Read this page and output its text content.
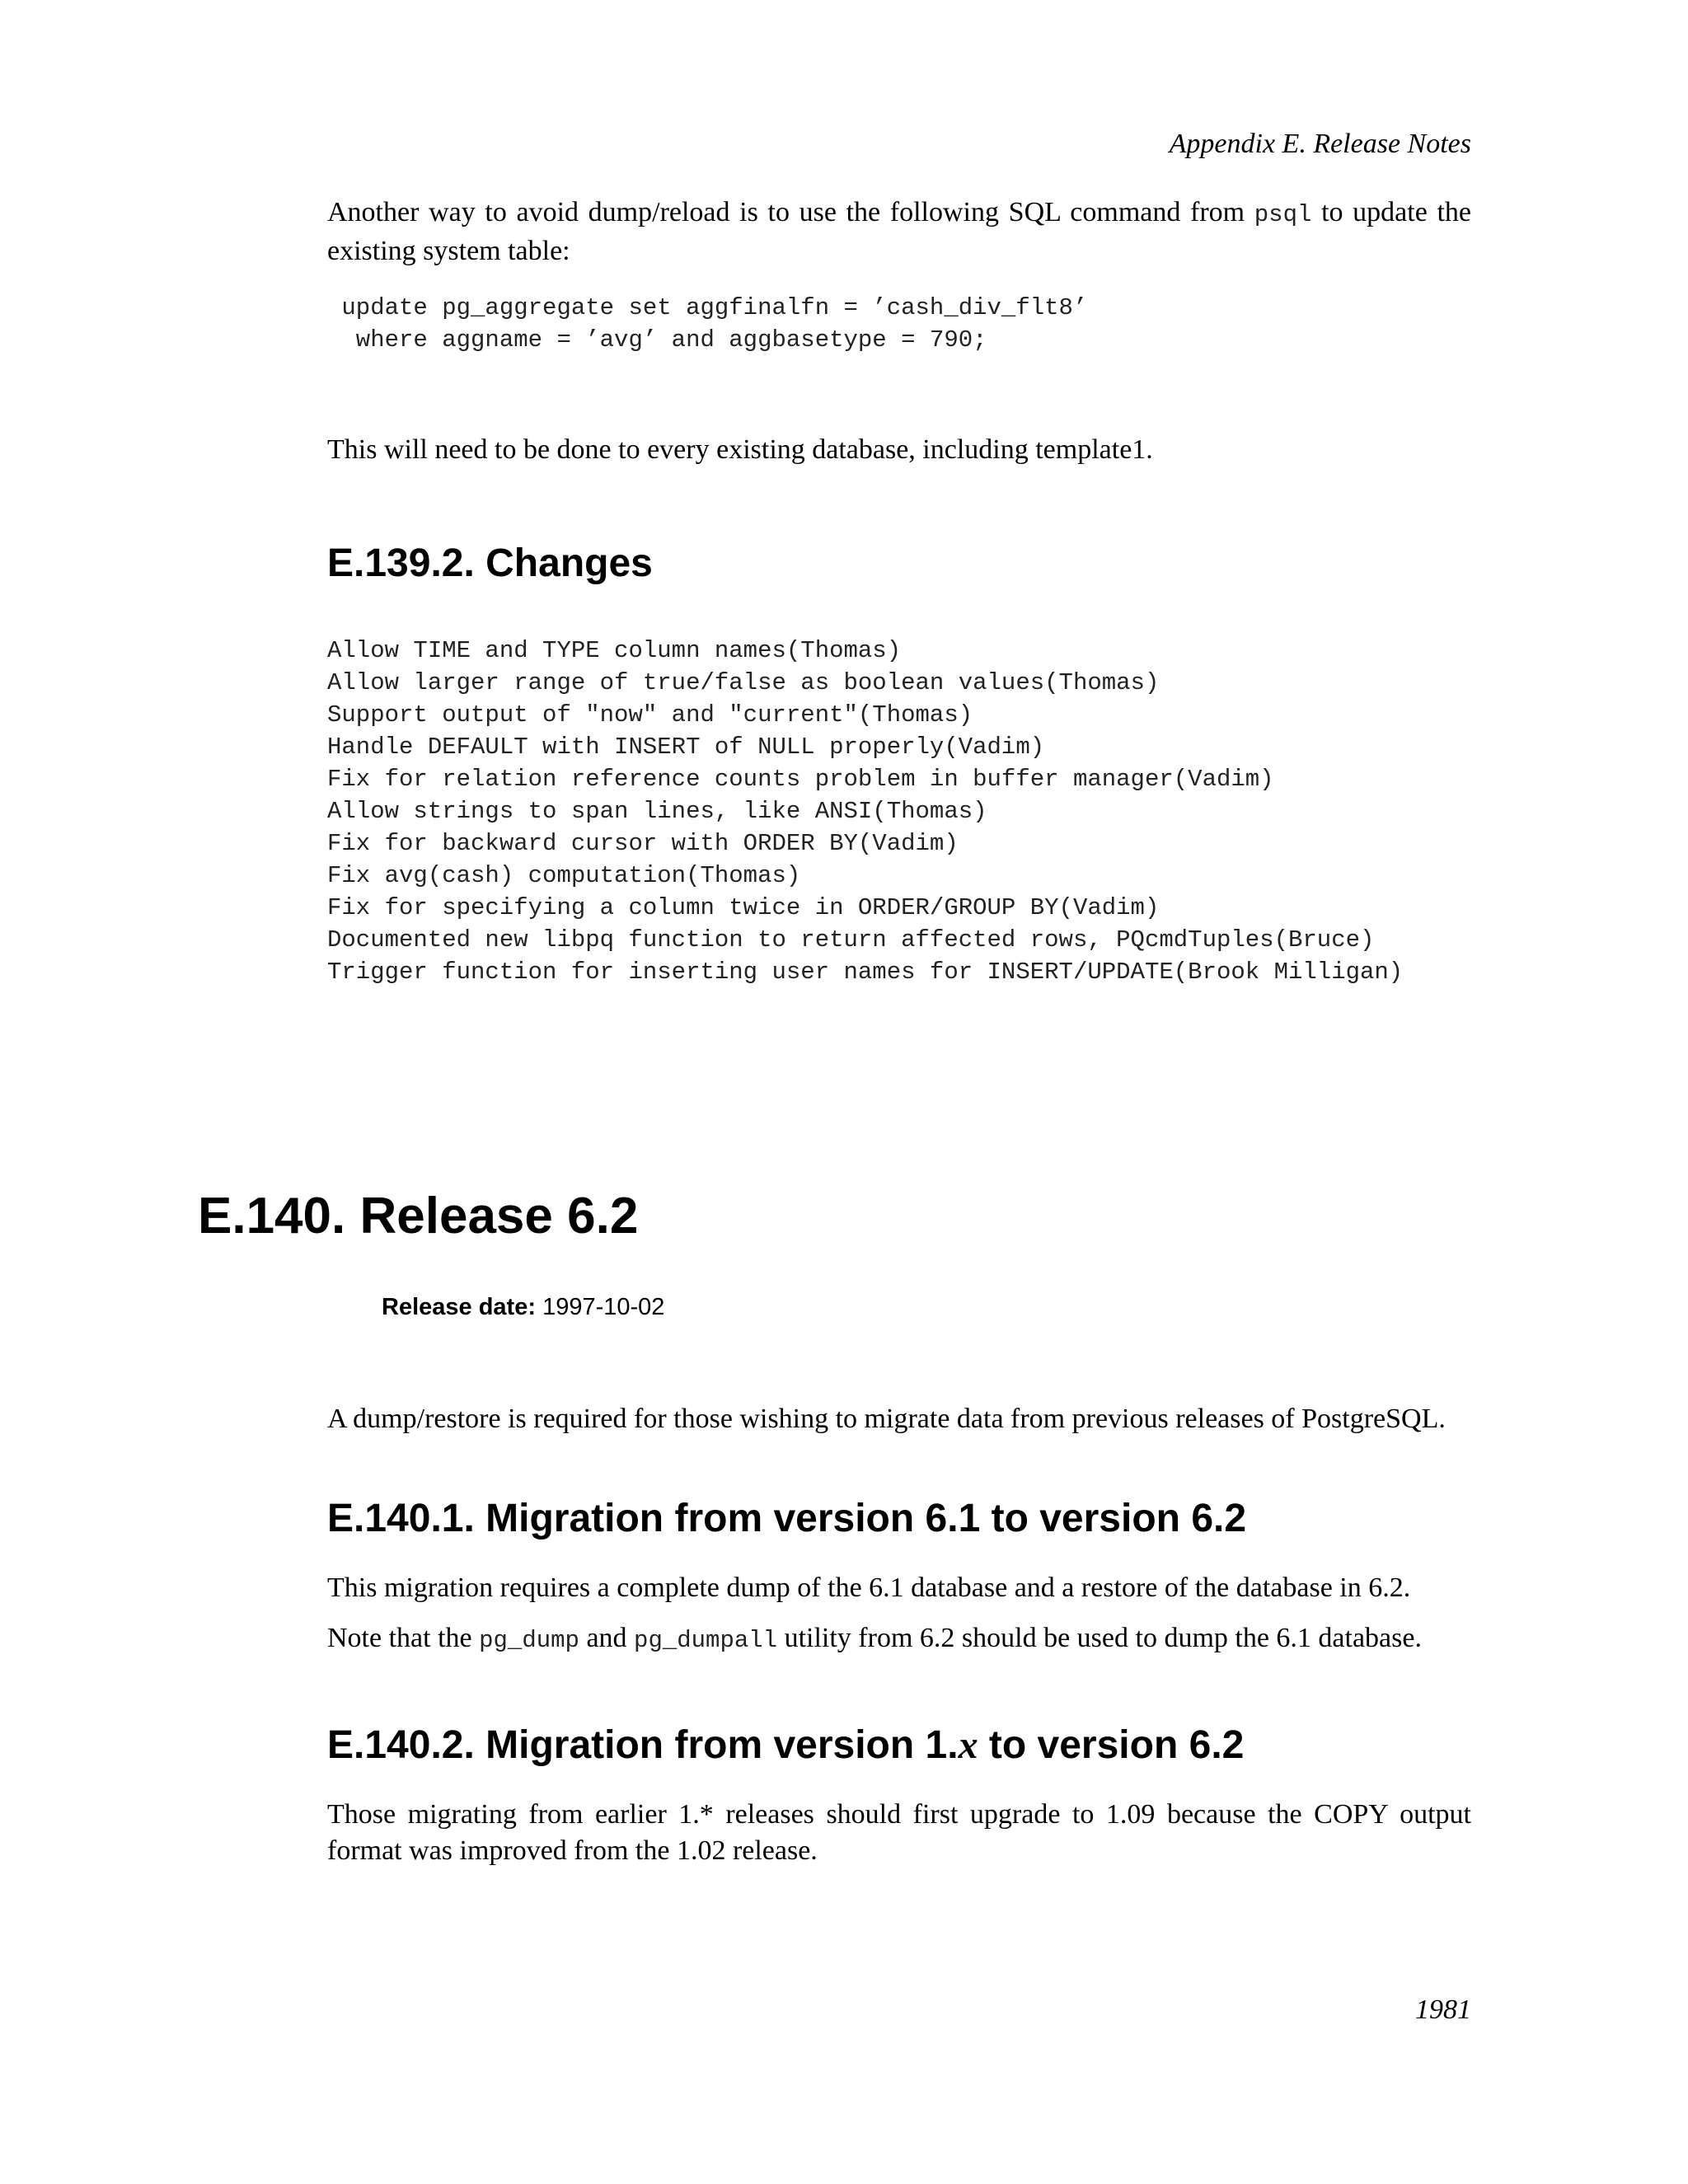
Appendix E. Release Notes
Another way to avoid dump/reload is to use the following SQL command from psql to update the existing system table:
update pg_aggregate set aggfinalfn = ’cash_div_flt8’
where aggname = ’avg’ and aggbasetype = 790;
This will need to be done to every existing database, including template1.
E.139.2. Changes
Allow TIME and TYPE column names(Thomas)
Allow larger range of true/false as boolean values(Thomas)
Support output of "now" and "current"(Thomas)
Handle DEFAULT with INSERT of NULL properly(Vadim)
Fix for relation reference counts problem in buffer manager(Vadim)
Allow strings to span lines, like ANSI(Thomas)
Fix for backward cursor with ORDER BY(Vadim)
Fix avg(cash) computation(Thomas)
Fix for specifying a column twice in ORDER/GROUP BY(Vadim)
Documented new libpq function to return affected rows, PQcmdTuples(Bruce)
Trigger function for inserting user names for INSERT/UPDATE(Brook Milligan)
E.140. Release 6.2
Release date: 1997-10-02
A dump/restore is required for those wishing to migrate data from previous releases of PostgreSQL.
E.140.1. Migration from version 6.1 to version 6.2
This migration requires a complete dump of the 6.1 database and a restore of the database in 6.2.
Note that the pg_dump and pg_dumpall utility from 6.2 should be used to dump the 6.1 database.
E.140.2. Migration from version 1.x to version 6.2
Those migrating from earlier 1.* releases should first upgrade to 1.09 because the COPY output format was improved from the 1.02 release.
1981
